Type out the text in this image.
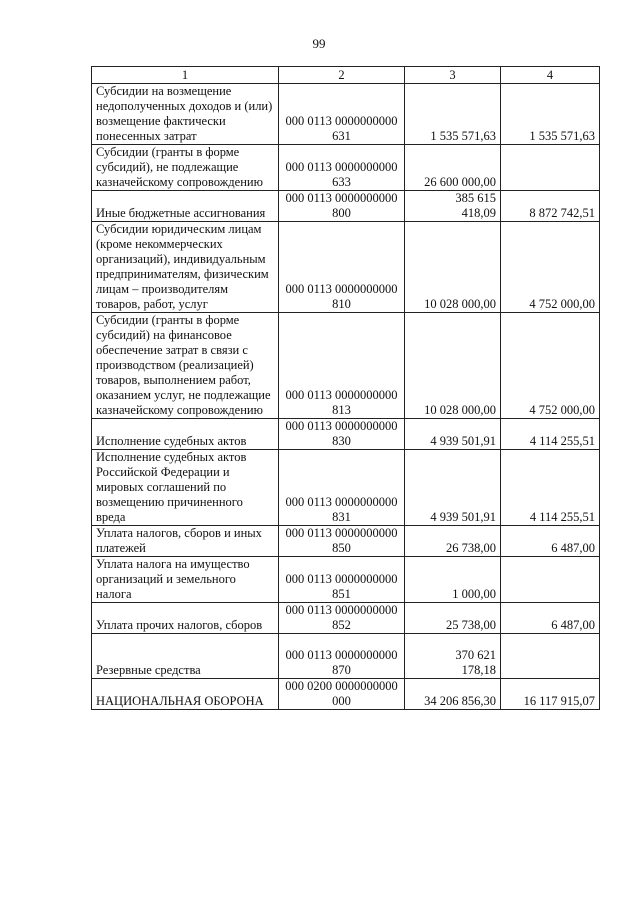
99
1	2	3	4
Субсидии на возмещение недополученных доходов и (или) возмещение фактически понесенных затрат	000 0113 0000000000 631	1 535 571,63	1 535 571,63
Субсидии (гранты в форме субсидий), не подлежащие казначейскому сопровождению	000 0113 0000000000 633	26 600 000,00	
Иные бюджетные ассигнования	000 0113 0000000000 800	385 615 418,09	8 872 742,51
Субсидии юридическим лицам (кроме некоммерческих организаций), индивидуальным предпринимателям, физическим лицам – производителям товаров, работ, услуг	000 0113 0000000000 810	10 028 000,00	4 752 000,00
Субсидии (гранты в форме субсидий) на финансовое обеспечение затрат в связи с производством (реализацией) товаров, выполнением работ, оказанием услуг, не подлежащие казначейскому сопровождению	000 0113 0000000000 813	10 028 000,00	4 752 000,00
Исполнение судебных актов	000 0113 0000000000 830	4 939 501,91	4 114 255,51
Исполнение судебных актов Российской Федерации и мировых соглашений по возмещению причиненного вреда	000 0113 0000000000 831	4 939 501,91	4 114 255,51
Уплата налогов, сборов и иных платежей	000 0113 0000000000 850	26 738,00	6 487,00
Уплата налога на имущество организаций и земельного налога	000 0113 0000000000 851	1 000,00	
Уплата прочих налогов, сборов	000 0113 0000000000 852	25 738,00	6 487,00
Резервные средства	000 0113 0000000000 870	370 621 178,18	
НАЦИОНАЛЬНАЯ ОБОРОНА	000 0200 0000000000 000	34 206 856,30	16 117 915,07
